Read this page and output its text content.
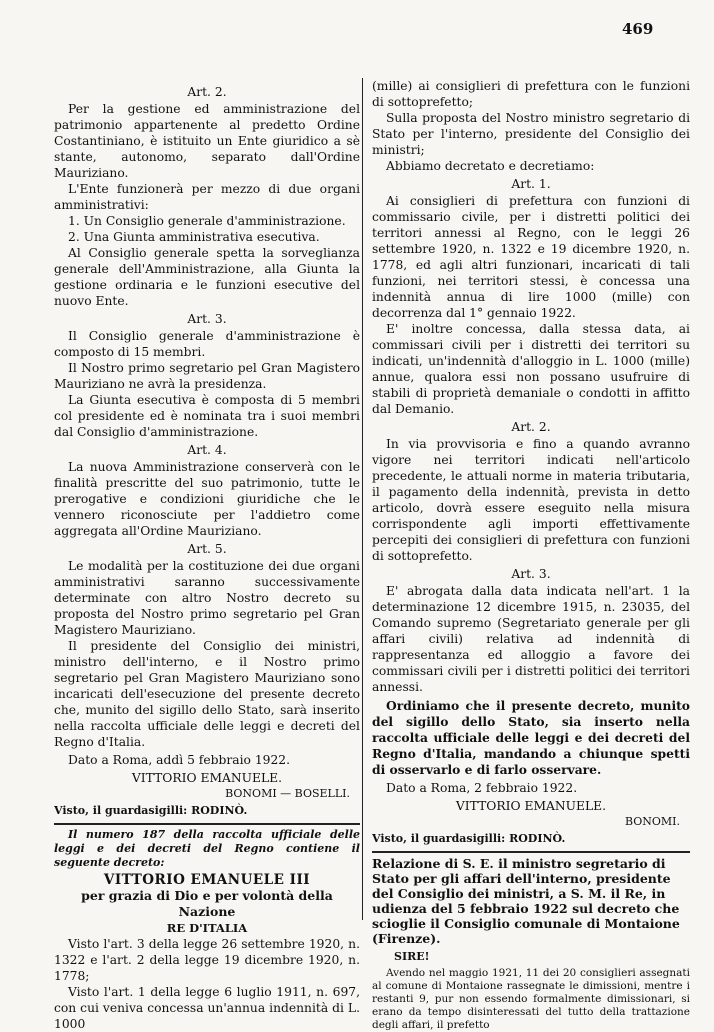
469
Art. 2.

Per la gestione ed amministrazione del patrimonio appartenente al predetto Ordine Costantiniano, è istituito un Ente giuridico a sè stante, autonomo, separato dall'Ordine Mauriziano.

L'Ente funzionerà per mezzo di due organi amministrativi:

1. Un Consiglio generale d'amministrazione.

2. Una Giunta amministrativa esecutiva.

Al Consiglio generale spetta la sorveglianza generale dell'Amministrazione, alla Giunta la gestione ordinaria e le funzioni esecutive del nuovo Ente.

Art. 3.

Il Consiglio generale d'amministrazione è composto di 15 membri.

Il Nostro primo segretario pel Gran Magistero Mauriziano ne avrà la presidenza.

La Giunta esecutiva è composta di 5 membri col presidente ed è nominata tra i suoi membri dal Consiglio d'amministrazione.

Art. 4.

La nuova Amministrazione conserverà con le finalità prescritte del suo patrimonio, tutte le prerogative e condizioni giuridiche che le vennero riconosciute per l'addietro come aggregata all'Ordine Mauriziano.

Art. 5.

Le modalità per la costituzione dei due organi amministrativi saranno successivamente determinate con altro Nostro decreto su proposta del Nostro primo segretario pel Gran Magistero Mauriziano.

Il presidente del Consiglio dei ministri, ministro dell'interno, e il Nostro primo segretario pel Gran Magistero Mauriziano sono incaricati dell'esecuzione del presente decreto che, munito del sigillo dello Stato, sarà inserito nella raccolta ufficiale delle leggi e decreti del Regno d'Italia.

Dato a Roma, addì 5 febbraio 1922.

VITTORIO EMANUELE.
BONOMI — BOSELLI.
Visto, il guardasigilli: RODINÒ.

Il numero 187 della raccolta ufficiale delle leggi e dei decreti del Regno contiene il seguente decreto:

VITTORIO EMANUELE III
per grazia di Dio e per volontà della Nazione
RE D'ITALIA

Visto l'art. 3 della legge 26 settembre 1920, n. 1322 e l'art. 2 della legge 19 dicembre 1920, n. 1778;

Visto l'art. 1 della legge 6 luglio 1911, n. 697, con cui veniva concessa un'annua indennità di L. 1000

(mille) ai consiglieri di prefettura con le funzioni di sottoprefetto;

Sulla proposta del Nostro ministro segretario di Stato per l'interno, presidente del Consiglio dei ministri;

Abbiamo decretato e decretiamo:

Art. 1.

Ai consiglieri di prefettura con funzioni di commissario civile, per i distretti politici dei territori annessi al Regno, con le leggi 26 settembre 1920, n. 1322 e 19 dicembre 1920, n. 1778, ed agli altri funzionari, incaricati di tali funzioni, nei territori stessi, è concessa una indennità annua di lire 1000 (mille) con decorrenza dal 1° gennaio 1922.

E' inoltre concessa, dalla stessa data, ai commissari civili per i distretti dei territori su indicati, un'indennità d'alloggio in L. 1000 (mille) annue, qualora essi non possano usufruire di stabili di proprietà demaniale o condotti in affitto dal Demanio.

Art. 2.

In via provvisoria e fino a quando avranno vigore nei territori indicati nell'articolo precedente, le attuali norme in materia tributaria, il pagamento della indennità, prevista in detto articolo, dovrà essere eseguito nella misura corrispondente agli importi effettivamente percepiti dei consiglieri di prefettura con funzioni di sottoprefetto.

Art. 3.

E' abrogata dalla data indicata nell'art. 1 la determinazione 12 dicembre 1915, n. 23035, del Comando supremo (Segretariato generale per gli affari civili) relativa ad indennità di rappresentanza ed alloggio a favore dei commissari civili per i distretti politici dei territori annessi.

Ordiniamo che il presente decreto, munito del sigillo dello Stato, sia inserto nella raccolta ufficiale delle leggi e dei decreti del Regno d'Italia, mandando a chiunque spetti di osservarlo e di farlo osservare.

Dato a Roma, 2 febbraio 1922.

VITTORIO EMANUELE.
BONOMI.
Visto, il guardasigilli: RODINÒ.

Relazione di S. E. il ministro segretario di Stato per gli affari dell'interno, presidente del Consiglio dei ministri, a S. M. il Re, in udienza del 5 febbraio 1922 sul decreto che scioglie il Consiglio comunale di Montaione (Firenze).

SIRE!

Avendo nel maggio 1921, 11 dei 20 consiglieri assegnati al comune di Montaione rassegnate le dimissioni, mentre i restanti 9, pur non essendo formalmente dimissionari, si erano da tempo disinteressati del tutto della trattazione degli affari, il prefetto
